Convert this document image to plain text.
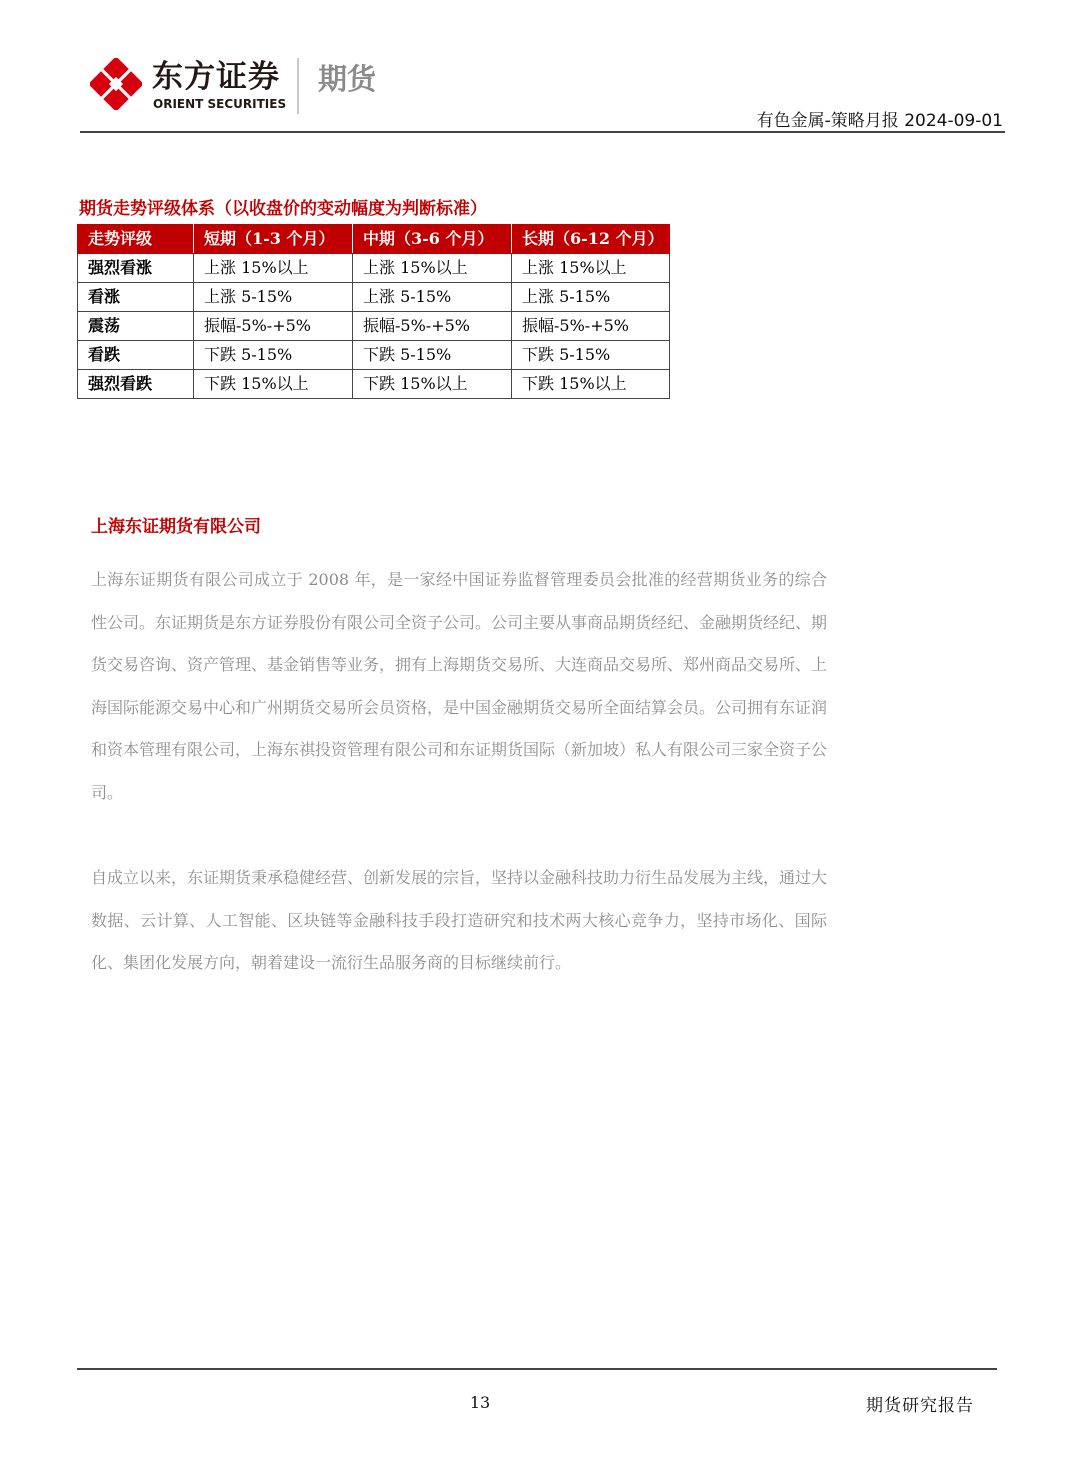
东方证券
ORIENT SECURITIES
期货
有色金属-策略月报 2024-09-01
期货走势评级体系（以收盘价的变动幅度为判断标准）
走势评级	短期（1-3 个月）	中期（3-6 个月）	长期（6-12 个月）
强烈看涨	上涨 15%以上	上涨 15%以上	上涨 15%以上
看涨	上涨 5-15%	上涨 5-15%	上涨 5-15%
震荡	振幅-5%-+5%	振幅-5%-+5%	振幅-5%-+5%
看跌	下跌 5-15%	下跌 5-15%	下跌 5-15%
强烈看跌	下跌 15%以上	下跌 15%以上	下跌 15%以上
上海东证期货有限公司

上海东证期货有限公司成立于 2008 年，是一家经中国证券监督管理委员会批准的经营期货业务的综合性公司。东证期货是东方证券股份有限公司全资子公司。公司主要从事商品期货经纪、金融期货经纪、期货交易咨询、资产管理、基金销售等业务，拥有上海期货交易所、大连商品交易所、郑州商品交易所、上海国际能源交易中心和广州期货交易所会员资格，是中国金融期货交易所全面结算会员。公司拥有东证润和资本管理有限公司，上海东祺投资管理有限公司和东证期货国际（新加坡）私人有限公司三家全资子公司。

自成立以来，东证期货秉承稳健经营、创新发展的宗旨，坚持以金融科技助力衍生品发展为主线，通过大数据、云计算、人工智能、区块链等金融科技手段打造研究和技术两大核心竞争力，坚持市场化、国际化、集团化发展方向，朝着建设一流衍生品服务商的目标继续前行。

13	期货研究报告
